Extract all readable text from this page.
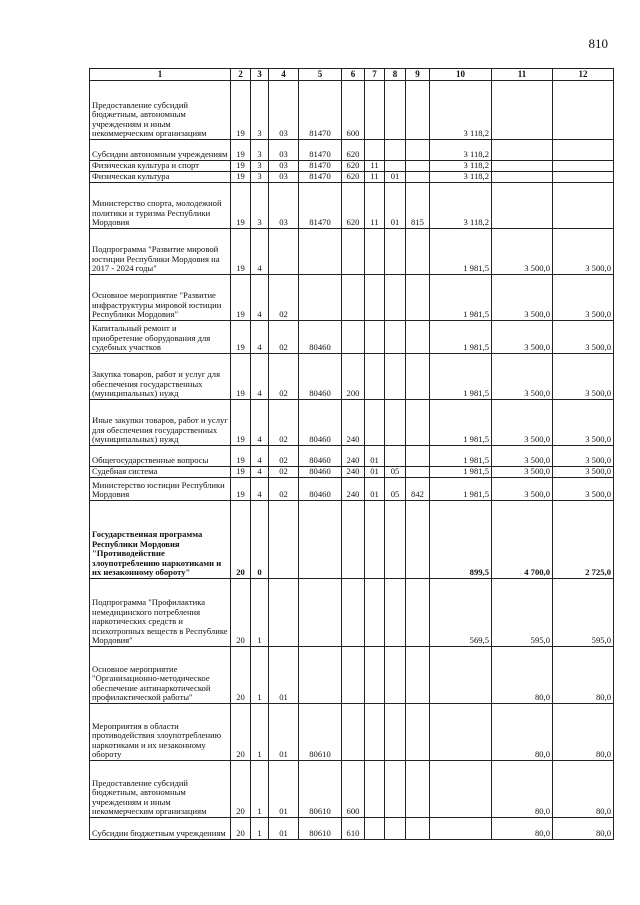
810
1	2	3	4	5	6	7	8	9	10	11	12
Предоставление субсидий бюджетным, автономным учреждениям и иным некоммерческим организациям	19	3	03	81470	600				3 118,2		
Субсидии автономным учреждениям	19	3	03	81470	620				3 118,2		
Физическая культура и спорт	19	3	03	81470	620	11			3 118,2		
Физическая культура	19	3	03	81470	620	11	01		3 118,2		
Министерство спорта, молодежной политики и туризма Республики Мордовия	19	3	03	81470	620	11	01	815	3 118,2		
Подпрограмма "Развитие мировой юстиции Республики Мордовия на 2017 - 2024 годы"	19	4							1 981,5	3 500,0	3 500,0
Основное мероприятие "Развитие инфраструктуры мировой юстиции Республики Мордовия"	19	4	02						1 981,5	3 500,0	3 500,0
Капитальный ремонт и приобретение оборудования для судебных участков	19	4	02	80460					1 981,5	3 500,0	3 500,0
Закупка товаров, работ и услуг для обеспечения государственных (муниципальных) нужд	19	4	02	80460	200				1 981,5	3 500,0	3 500,0
Иные закупки товаров, работ и услуг для обеспечения государственных (муниципальных) нужд	19	4	02	80460	240				1 981,5	3 500,0	3 500,0
Общегосударственные вопросы	19	4	02	80460	240	01			1 981,5	3 500,0	3 500,0
Судебная система	19	4	02	80460	240	01	05		1 981,5	3 500,0	3 500,0
Министерство юстиции Республики Мордовия	19	4	02	80460	240	01	05	842	1 981,5	3 500,0	3 500,0
Государственная программа Республики Мордовия "Противодействие злоупотреблению наркотиками и их незаконному обороту"	20	0							899,5	4 700,0	2 725,0
Подпрограмма "Профилактика немедицинского потребления наркотических средств и психотропных веществ в Республике Мордовия"	20	1							569,5	595,0	595,0
Основное мероприятие "Организационно-методическое обеспечение антинаркотической профилактической работы"	20	1	01							80,0	80,0
Мероприятия в области противодействия злоупотреблению наркотиками и их незаконному обороту	20	1	01	80610						80,0	80,0
Предоставление субсидий бюджетным, автономным учреждениям и иным некоммерческим организациям	20	1	01	80610	600					80,0	80,0
Субсидии бюджетным учреждениям	20	1	01	80610	610					80,0	80,0
